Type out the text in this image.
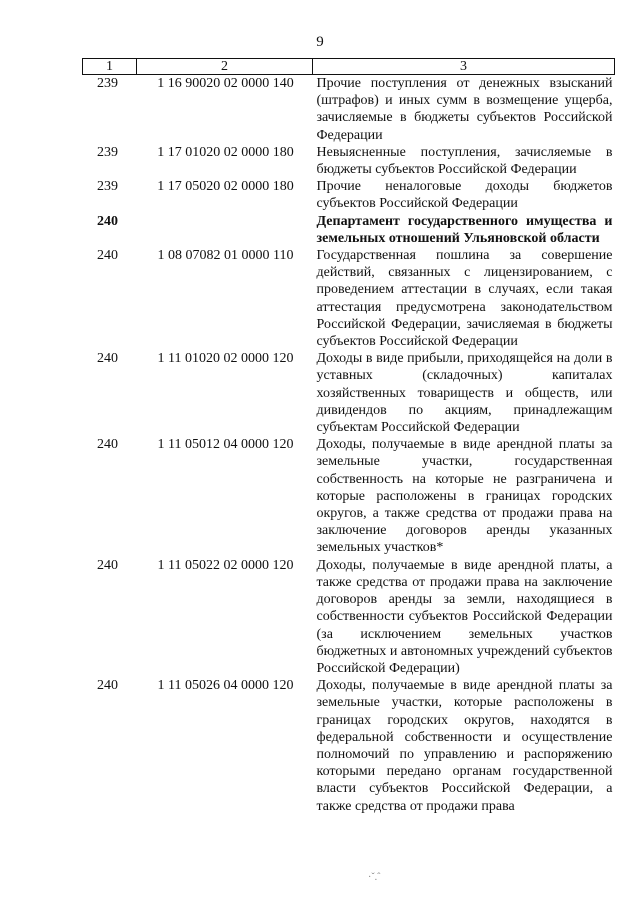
9
1	2	3
239	1 16 90020 02 0000 140	Прочие поступления от денежных взысканий (штрафов) и иных сумм в возмещение ущерба, зачисляемые в бюджеты субъектов Российской Федерации
239	1 17 01020 02 0000 180	Невыясненные поступления, зачисляемые в бюджеты субъектов Российской Федерации
239	1 17 05020 02 0000 180	Прочие неналоговые доходы бюджетов субъектов Российской Федерации
240		Департамент государственного имущества и земельных отношений Ульяновской области
240	1 08 07082 01 0000 110	Государственная пошлина за совершение действий, связанных с лицензированием, с проведением аттестации в случаях, если такая аттестация предусмотрена законодательством Российской Федерации, зачисляемая в бюджеты субъектов Российской Федерации
240	1 11 01020 02 0000 120	Доходы в виде прибыли, приходящейся на доли в уставных (складочных) капиталах хозяйственных товариществ и обществ, или дивидендов по акциям, принадлежащим субъектам Российской Федерации
240	1 11 05012 04 0000 120	Доходы, получаемые в виде арендной платы за земельные участки, государственная собственность на которые не разграничена и которые расположены в границах городских округов, а также средства от продажи права на заключение договоров аренды указанных земельных участков*
240	1 11 05022 02 0000 120	Доходы, получаемые в виде арендной платы, а также средства от продажи права на заключение договоров аренды за земли, находящиеся в собственности субъектов Российской Федерации (за исключением земельных участков бюджетных и автономных учреждений субъектов Российской Федерации)
240	1 11 05026 04 0000 120	Доходы, получаемые в виде арендной платы за земельные участки, которые расположены в границах городских округов, находятся в федеральной собственности и осуществление полномочий по управлению и распоряжению которыми передано органам государственной власти субъектов Российской Федерации, а также средства от продажи права
·ˇ.ˆ
